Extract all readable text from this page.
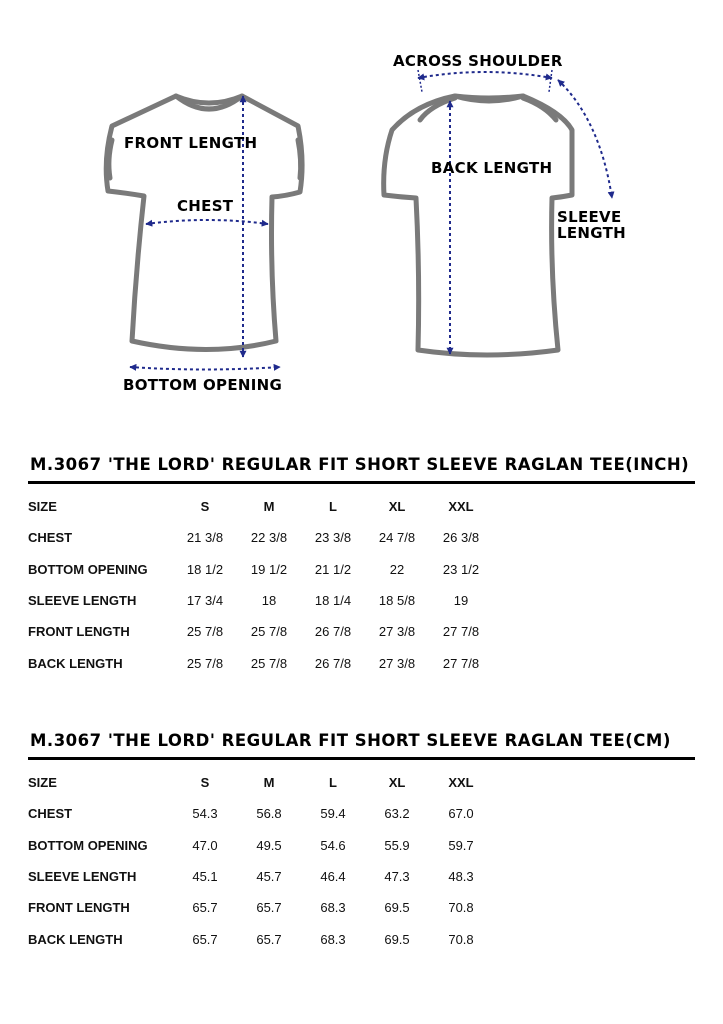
FRONT LENGTH
CHEST
BOTTOM OPENING
ACROSS SHOULDER
BACK LENGTH
SLEEVE
LENGTH
M.3067 'THE LORD' REGULAR FIT SHORT SLEEVE RAGLAN TEE(INCH)
SIZE	S	M	L	XL	XXL
CHEST	21 3/8	22 3/8	23 3/8	24 7/8	26 3/8
BOTTOM OPENING	18 1/2	19 1/2	21 1/2	22	23 1/2
SLEEVE LENGTH	17 3/4	18	18 1/4	18 5/8	19
FRONT LENGTH	25 7/8	25 7/8	26 7/8	27 3/8	27 7/8
BACK LENGTH	25 7/8	25 7/8	26 7/8	27 3/8	27 7/8
M.3067 'THE LORD' REGULAR FIT SHORT SLEEVE RAGLAN TEE(CM)
SIZE	S	M	L	XL	XXL
CHEST	54.3	56.8	59.4	63.2	67.0
BOTTOM OPENING	47.0	49.5	54.6	55.9	59.7
SLEEVE LENGTH	45.1	45.7	46.4	47.3	48.3
FRONT LENGTH	65.7	65.7	68.3	69.5	70.8
BACK LENGTH	65.7	65.7	68.3	69.5	70.8
